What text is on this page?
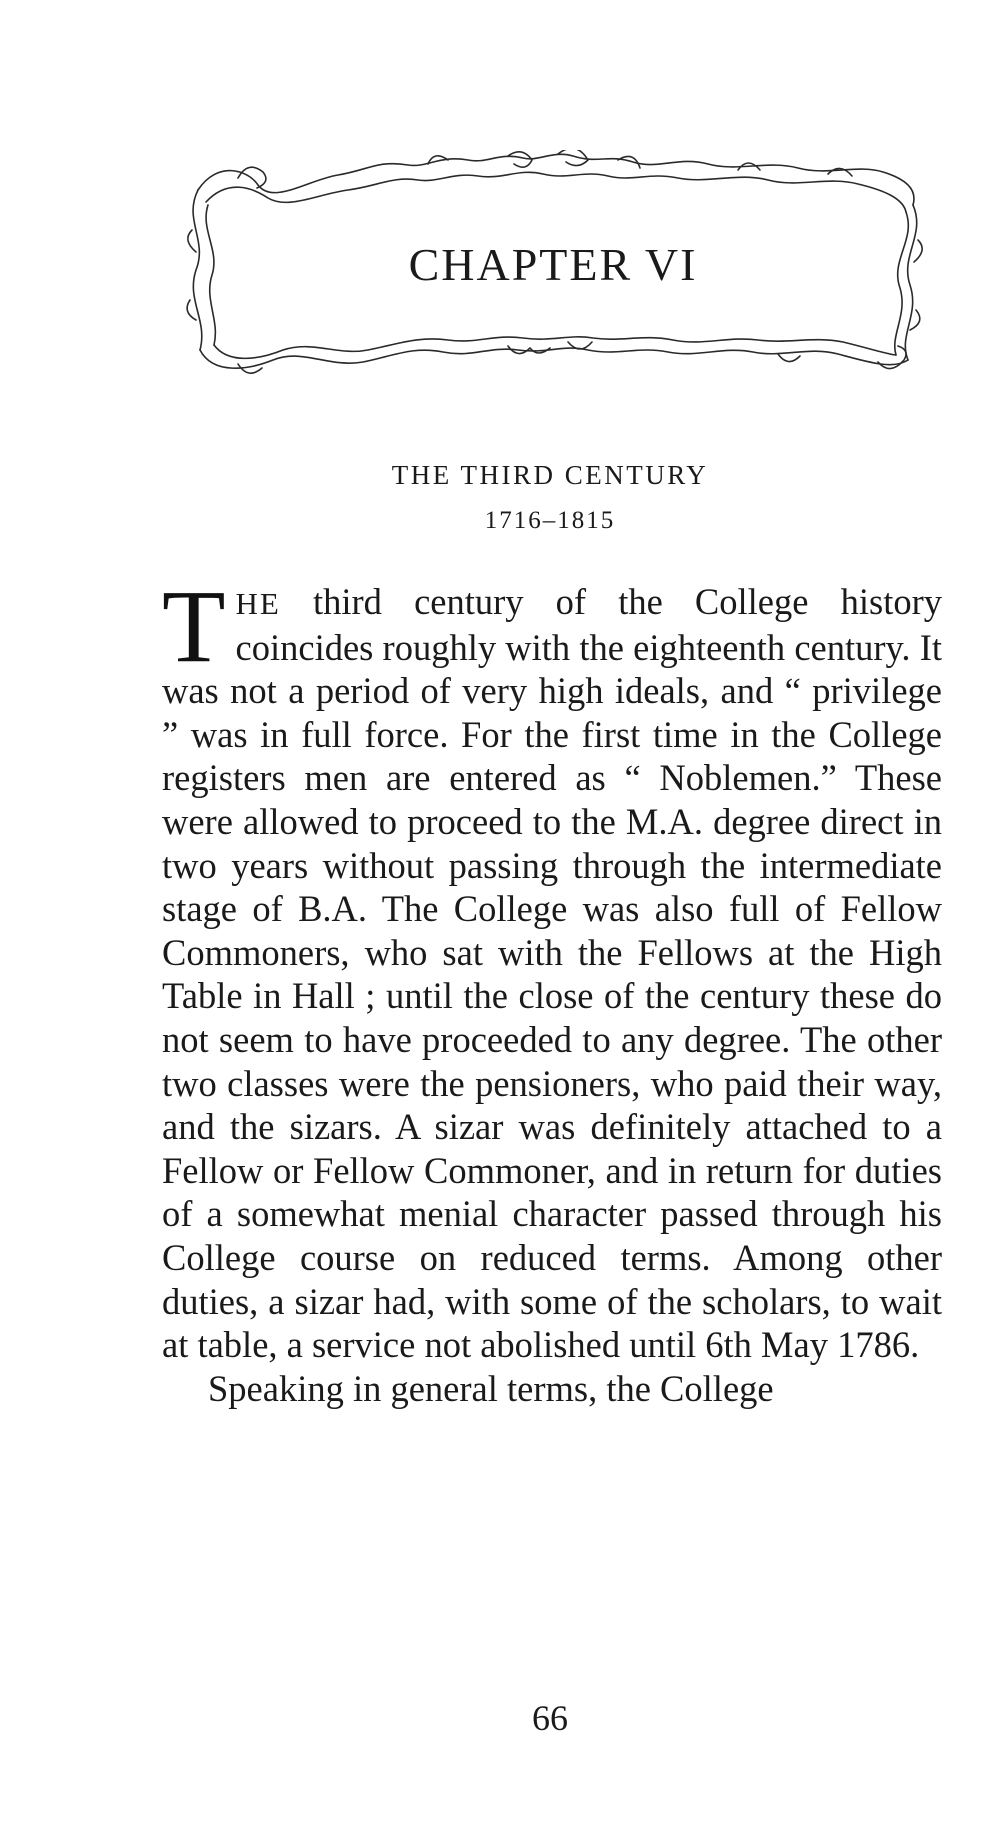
CHAPTER VI
THE THIRD CENTURY
1716–1815

THE third century of the College history coincides roughly with the eighteenth century. It was not a period of very high ideals, and “ privilege ” was in full force. For the first time in the College registers men are entered as “ Noblemen.” These were allowed to proceed to the M.A. degree direct in two years without passing through the intermediate stage of B.A. The College was also full of Fellow Commoners, who sat with the Fellows at the High Table in Hall ; until the close of the century these do not seem to have proceeded to any degree. The other two classes were the pensioners, who paid their way, and the sizars. A sizar was definitely attached to a Fellow or Fellow Commoner, and in return for duties of a somewhat menial character passed through his College course on reduced terms. Among other duties, a sizar had, with some of the scholars, to wait at table, a service not abolished until 6th May 1786.

Speaking in general terms, the College

66
